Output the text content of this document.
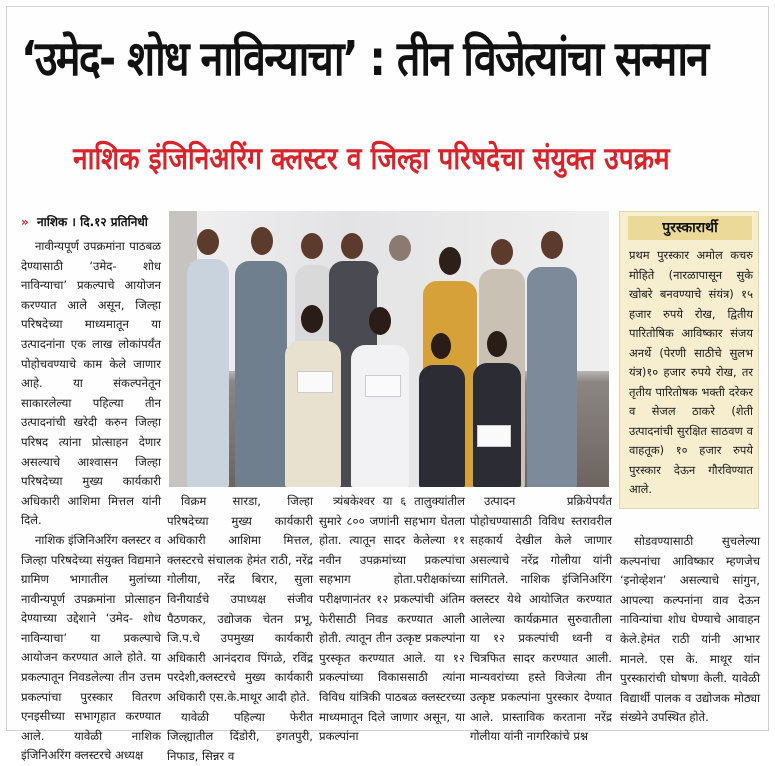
‘उमेद- शोध नाविन्याचा’ : तीन विजेत्यांचा सन्मान
नाशिक इंजिनिअरिंग क्लस्टर व जिल्हा परिषदेचा संयुक्त उपक्रम
» नाशिक । दि.१२ प्रतिनिधी

नावीन्यपूर्ण उपक्रमांना पाठबळ देण्यासाठी ‘उमेद- शोध नाविन्याचा’ प्रकल्पाचे आयोजन करण्यात आले असून, जिल्हा परिषदेच्या माध्यमातून या उत्पादनांना एक लाख लोकांपर्यंत पोहोचवण्याचे काम केले जाणार आहे. या संकल्पनेतून साकारलेल्या पहिल्या तीन उत्पादनांची खरेदी करुन जिल्हा परिषद त्यांना प्रोत्साहन देणार असल्याचे आश्वासन जिल्हा परिषदेच्या मुख्य कार्यकारी अधिकारी आशिमा मित्तल यांनी दिले.

नाशिक इंजिनिअरिंग क्लस्टर व जिल्हा परिषदेच्या संयुक्त विद्यमाने ग्रामिण भागातील मुलांच्या नावीन्यपूर्ण उपक्रमांना प्रोत्साहन देण्याच्या उद्देशाने ‘उमेद- शोध नाविन्याचा’ या प्रकल्पाचे आयोजन करण्यात आले होते. या प्रकल्पातून निवडलेल्या तीन उत्तम प्रकल्पांचा पुरस्कार वितरण एनइसीच्या सभागृहात करण्यात आले. यावेळी नाशिक इंजिनिअरिंग क्लस्टरचे अध्यक्ष

पुरस्कारार्थी
प्रथम पुरस्कार अमोल कचरु मोहिते (नारळापासून सुके खोबरे बनवण्याचे संयंत्र) १५ हजार रुपये रोख, द्वितीय पारितोषिक आविष्कार संजय अनर्थे (पेरणी साठीचे सुलभ यंत्र)१० हजार रुपये रोख, तर तृतीय पारितोषक भक्ती दरेकर व सेजल ठाकरे (शेती उत्पादनांची सुरक्षित साठवण व वाहतूक) १० हजार रुपये पुरस्कार देऊन गौरविण्यात आले.

विक्रम सारडा, जिल्हा परिषदेच्या मुख्य कार्यकारी अधिकारी आशिमा मित्तल, क्लस्टरचे संचालक हेमंत राठी, नरेंद्र गोलीया, नरेंद्र बिरार, सुला विनीयार्डचे उपाध्यक्ष संजीव पैठणकर, उद्योजक चेतन प्रभू, जि.प.चे उपमुख्य कार्यकारी अधिकारी आनंदराव पिंगळे, रविंद्र परदेशी,क्लस्टरचे मुख्य कार्यकारी अधिकारी एस.के.माथूर आदी होते.

यावेळी पहिल्या फेरीत जिल्ह्यातील दिंडोरी, इगतपुरी, निफाड, सिन्नर व

त्र्यंबकेश्वर या ६ तालुक्यांतील सुमारे ८०० जणांनी सहभाग घेतला होता. त्यातून सादर केलेल्या ११ नवीन उपक्रमांच्या प्रकल्पांचा सहभाग होता.परीक्षकांच्या परीक्षणानंतर १२ प्रकल्पांची अंतिम फेरीसाठी निवड करण्यात आली होती. त्यातून तीन उत्कृष्ट प्रकल्पांना पुरस्कृत करण्यात आले. या १२ प्रकल्पांच्या विकाससाठी त्यांना विविध यांत्रिकी पाठबळ क्लस्टरच्या माध्यमातून दिले जाणार असून, या प्रकल्पांना

उत्पादन प्रक्रियेपर्यंत पोहोचण्यासाठी विविध स्तरावरील सहकार्य देखील केले जाणार असल्याचे नरेंद्र गोलीया यांनी सांगितले. नाशिक इंजिनिअरिंग क्लस्टर येथे आयोजित करण्यात आलेल्या कार्यक्रमात सुरुवातीला या १२ प्रकल्पांची ध्वनी व चित्रफित सादर करण्यात आली. मान्यवरांच्या हस्ते विजेत्या तीन उत्कृष्ट प्रकल्पांना पुरस्कार देण्यात आले. प्रास्ताविक करताना नरेंद्र गोलीया यांनी नागरिकांचे प्रश्न

सोडवण्यासाठी सुचलेल्या कल्पनांचा आविष्कार म्हणजेच ‘इनोव्हेशन’ असल्याचे सांगुन, आपल्या कल्पनांना वाव देऊन नाविन्यांचा शोध घेण्याचे आवाहन केले.हेमंत राठी यांनी आभार मानले. एस के. माथूर यांन पुरस्कारांची घोषणा केली. यावेळी विद्यार्थी पालक व उद्योजक मोठ्या संख्येने उपस्थित होते.
